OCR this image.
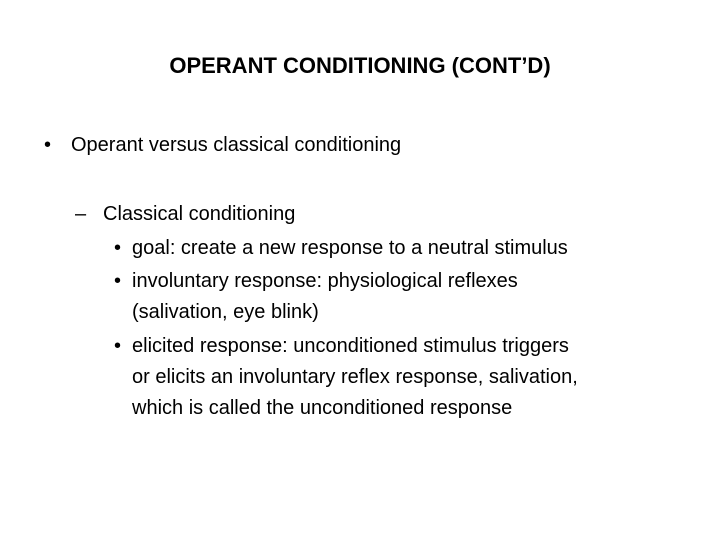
OPERANT CONDITIONING (CONT’D)
• Operant versus classical conditioning
– Classical conditioning
• goal: create a new response to a neutral stimulus
• involuntary response: physiological reflexes
(salivation, eye blink)
• elicited response: unconditioned stimulus triggers
or elicits an involuntary reflex response, salivation,
which is called the unconditioned response
